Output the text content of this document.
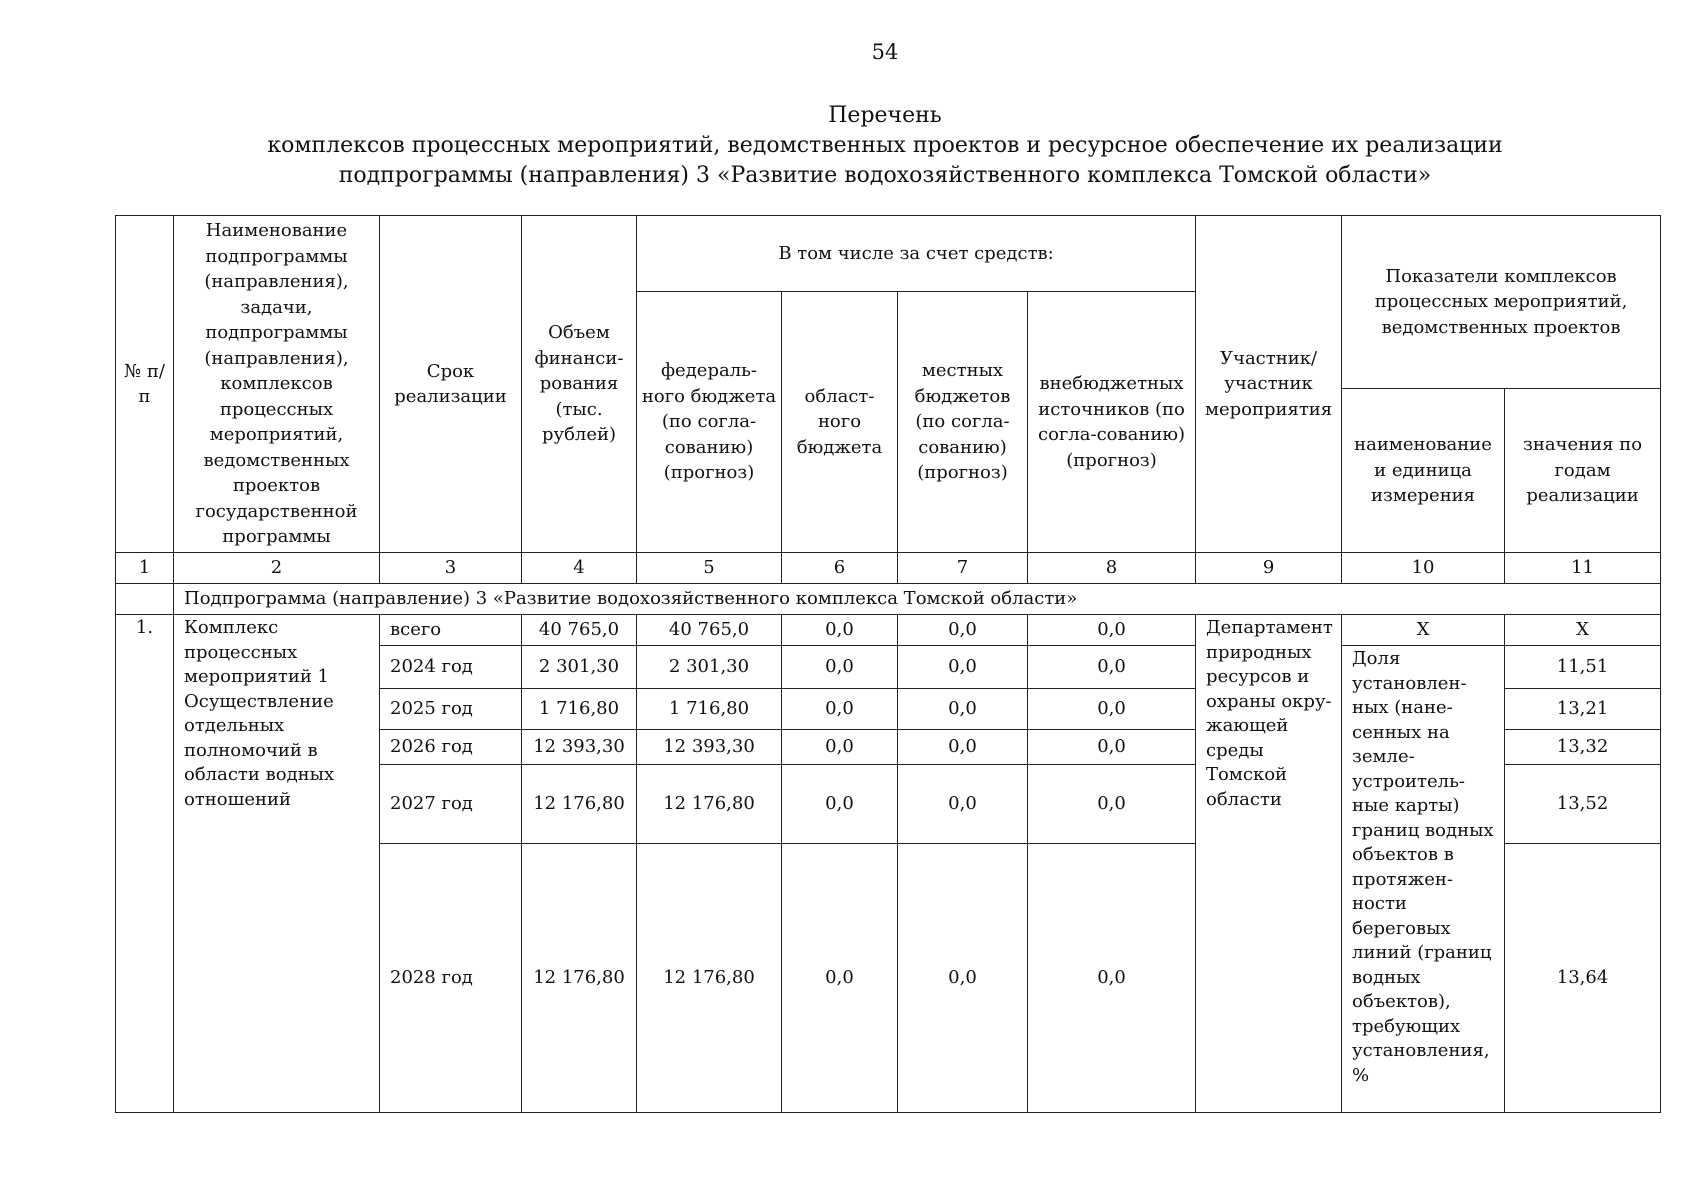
54
Перечень
комплексов процессных мероприятий, ведомственных проектов и ресурсное обеспечение их реализации
подпрограммы (направления) 3 «Развитие водохозяйственного комплекса Томской области»
№ п/п	Наименование подпрограммы (направления), задачи, подпрограммы (направления), комплексов процессных мероприятий, ведомственных проектов государственной программы	Срок реализации	Объем финанси-рования (тыс. рублей)	В том числе за счет средств:				Участник/ участник мероприятия	Показатели комплексов процессных мероприятий, ведомственных проектов	
				федераль-ного бюджета (по согла-сованию) (прогноз)	област-ного бюджета	местных бюджетов (по согла-сованию) (прогноз)	внебюджетных источников (по согла-сованию) (прогноз)			
									наименование и единица измерения	значения по годам реализации
1	2	3	4	5	6	7	8	9	10	11
	Подпрограмма (направление) 3 «Развитие водохозяйственного комплекса Томской области»									
1.	Комплекс процессных мероприятий 1 Осуществление отдельных полномочий в области водных отношений	всего	40 765,0	40 765,0	0,0	0,0	0,0	Департамент природных ресурсов и охраны окру-жающей среды Томской области	X	X
		2024 год	2 301,30	2 301,30	0,0	0,0	0,0		Доля установлен-ных (нане-сенных на земле-устроитель-ные карты) границ водных объектов в протяжен-ности береговых линий (границ водных объектов), требующих установления, %	11,51
		2025 год	1 716,80	1 716,80	0,0	0,0	0,0			13,21
		2026 год	12 393,30	12 393,30	0,0	0,0	0,0			13,32
		2027 год	12 176,80	12 176,80	0,0	0,0	0,0			13,52
		2028 год	12 176,80	12 176,80	0,0	0,0	0,0			13,64
